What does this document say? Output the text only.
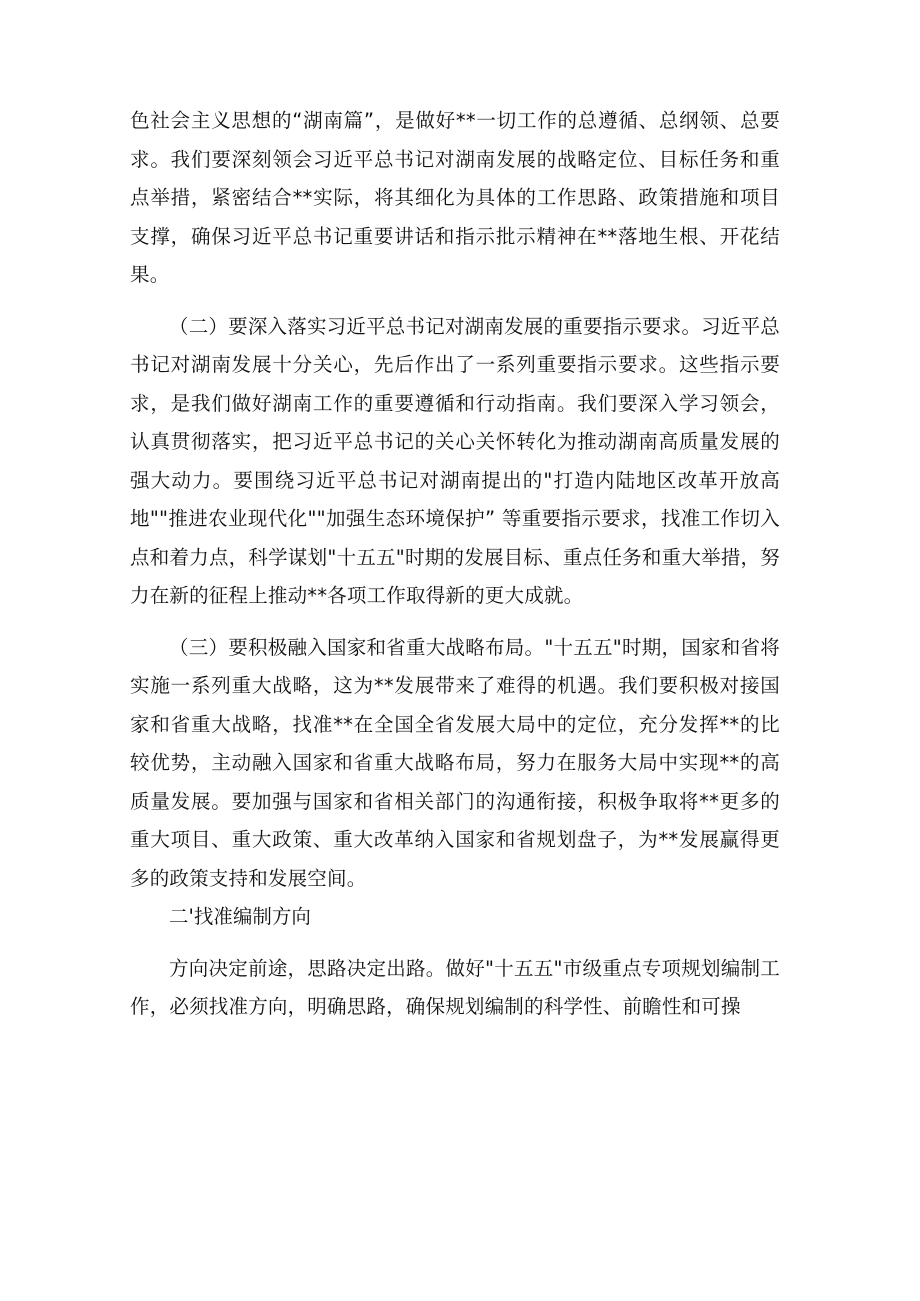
色社会主义思想的“湖南篇”，是做好**一切工作的总遵循、总纲领、总要求。我们要深刻领会习近平总书记对湖南发展的战略定位、目标任务和重点举措，紧密结合**实际，将其细化为具体的工作思路、政策措施和项目支撑，确保习近平总书记重要讲话和指示批示精神在**落地生根、开花结果。

（二）要深入落实习近平总书记对湖南发展的重要指示要求。习近平总书记对湖南发展十分关心，先后作出了一系列重要指示要求。这些指示要求，是我们做好湖南工作的重要遵循和行动指南。我们要深入学习领会，认真贯彻落实，把习近平总书记的关心关怀转化为推动湖南高质量发展的强大动力。要围绕习近平总书记对湖南提出的"打造内陆地区改革开放高地""推进农业现代化""加强生态环境保护” 等重要指示要求，找准工作切入点和着力点，科学谋划"十五五"时期的发展目标、重点任务和重大举措，努力在新的征程上推动**各项工作取得新的更大成就。

（三）要积极融入国家和省重大战略布局。"十五五"时期，国家和省将实施一系列重大战略，这为**发展带来了难得的机遇。我们要积极对接国家和省重大战略，找准**在全国全省发展大局中的定位，充分发挥**的比较优势，主动融入国家和省重大战略布局，努力在服务大局中实现**的高质量发展。要加强与国家和省相关部门的沟通衔接，积极争取将**更多的重大项目、重大政策、重大改革纳入国家和省规划盘子，为**发展赢得更多的政策支持和发展空间。

二'找准编制方向

方向决定前途，思路决定出路。做好"十五五"市级重点专项规划编制工作，必须找准方向，明确思路，确保规划编制的科学性、前瞻性和可操
